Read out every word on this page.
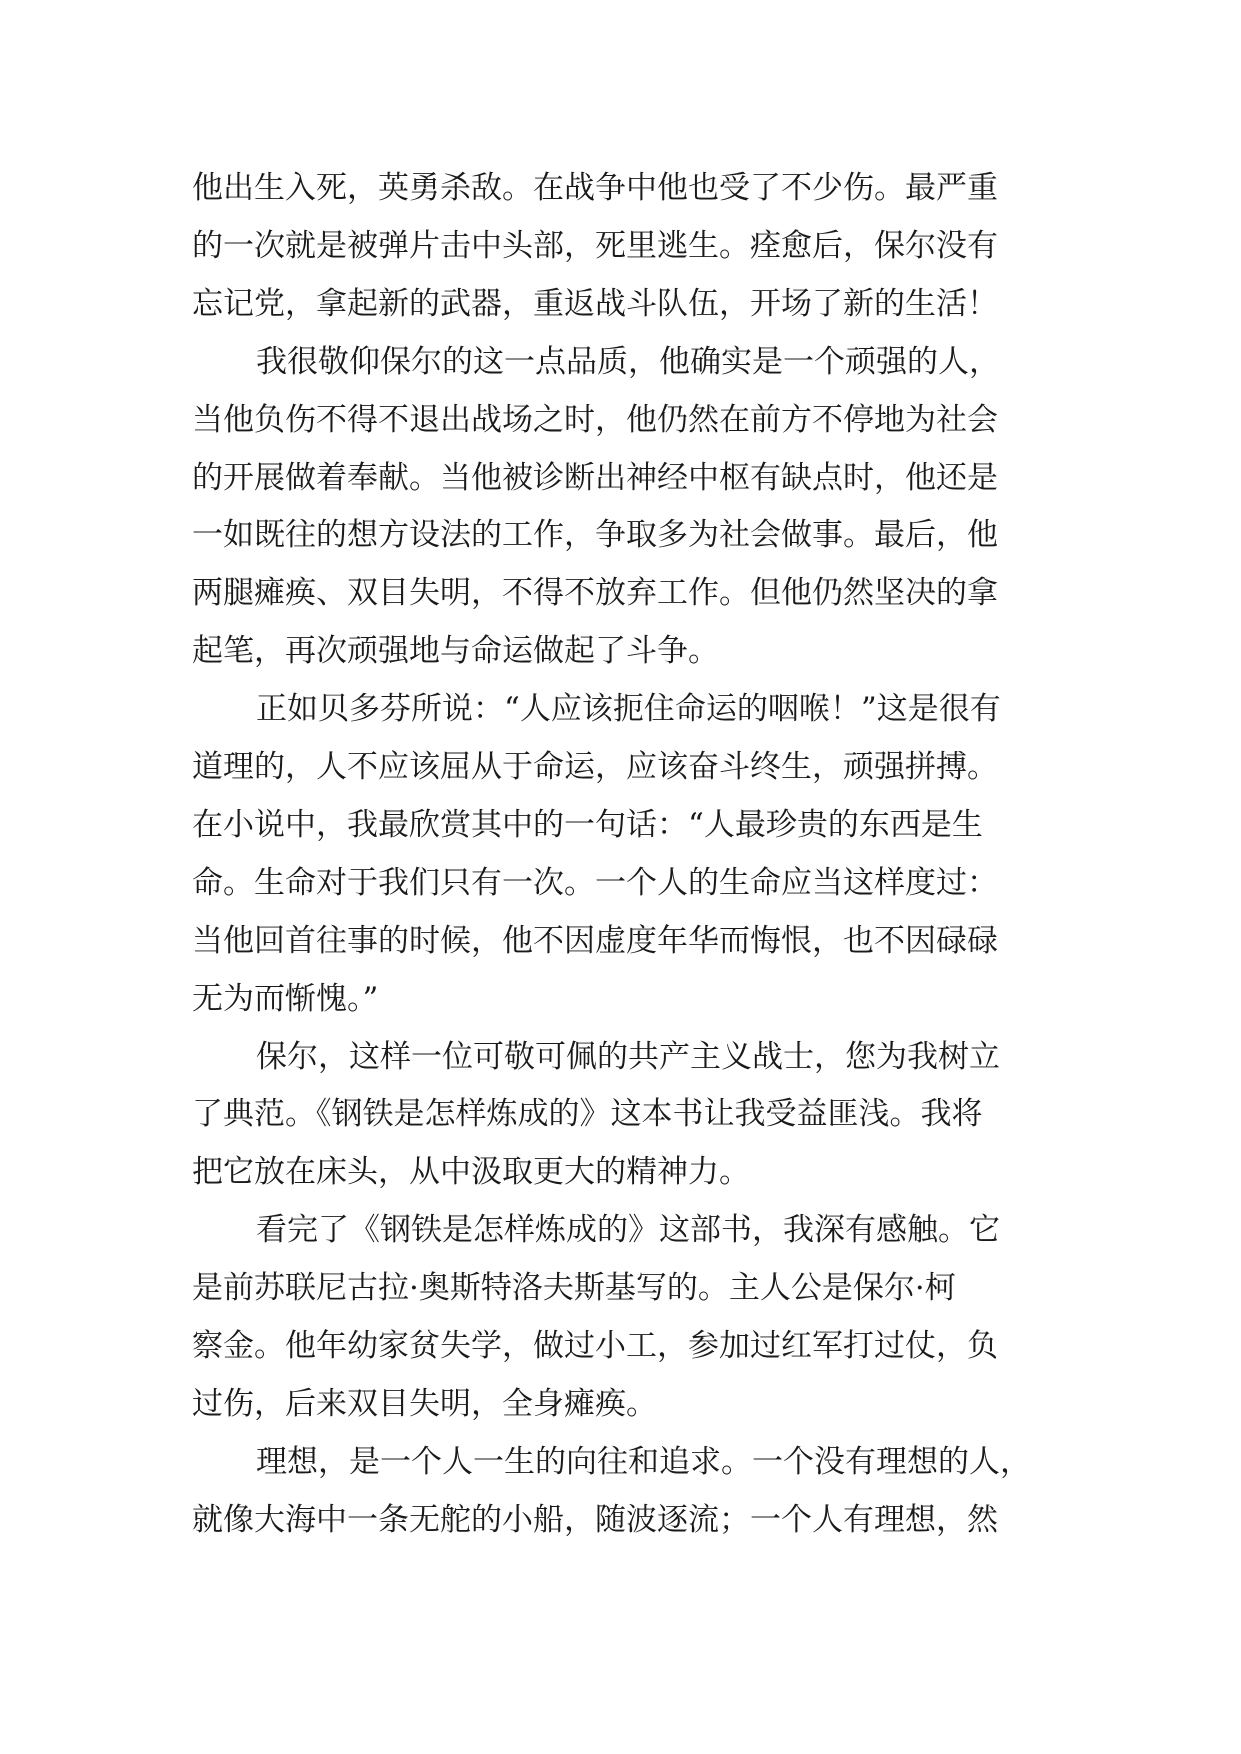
他出生入死，英勇杀敌。在战争中他也受了不少伤。最严重
的一次就是被弹片击中头部，死里逃生。痊愈后，保尔没有
忘记党，拿起新的武器，重返战斗队伍，开场了新的生活！
我很敬仰保尔的这一点品质，他确实是一个顽强的人，
当他负伤不得不退出战场之时，他仍然在前方不停地为社会
的开展做着奉献。当他被诊断出神经中枢有缺点时，他还是
一如既往的想方设法的工作，争取多为社会做事。最后，他
两腿瘫痪、双目失明，不得不放弃工作。但他仍然坚决的拿
起笔，再次顽强地与命运做起了斗争。
正如贝多芬所说：“人应该扼住命运的咽喉！”这是很有
道理的，人不应该屈从于命运，应该奋斗终生，顽强拼搏。
在小说中，我最欣赏其中的一句话：“人最珍贵的东西是生
命。生命对于我们只有一次。一个人的生命应当这样度过：
当他回首往事的时候，他不因虚度年华而悔恨，也不因碌碌
无为而惭愧。”
保尔，这样一位可敬可佩的共产主义战士，您为我树立
了典范。《钢铁是怎样炼成的》这本书让我受益匪浅。我将
把它放在床头，从中汲取更大的精神力。
看完了《钢铁是怎样炼成的》这部书，我深有感触。它
是前苏联尼古拉·奥斯特洛夫斯基写的。主人公是保尔·柯
察金。他年幼家贫失学，做过小工，参加过红军打过仗，负
过伤，后来双目失明，全身瘫痪。
理想，是一个人一生的向往和追求。一个没有理想的人，
就像大海中一条无舵的小船，随波逐流；一个人有理想，然
